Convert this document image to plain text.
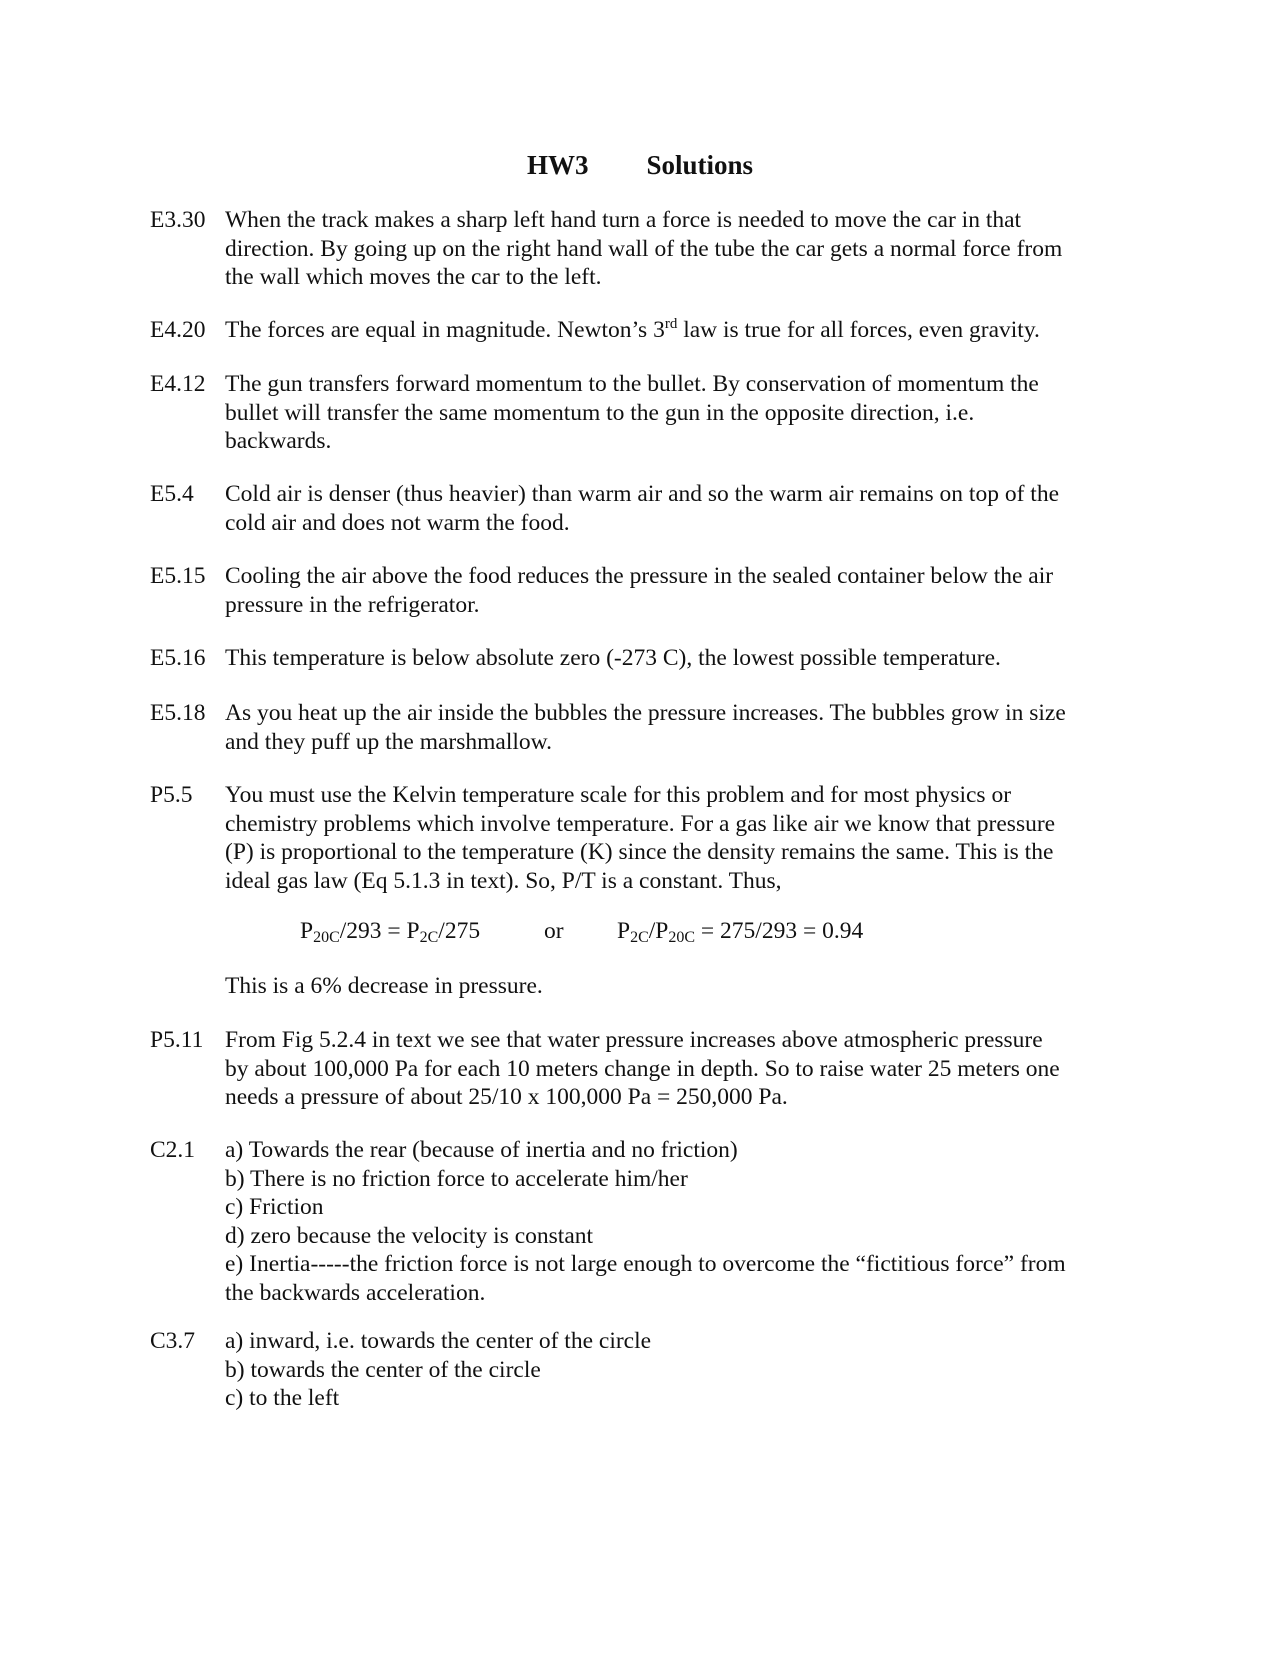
HW3 Solutions
E3.30 When the track makes a sharp left hand turn a force is needed to move the car in that
direction. By going up on the right hand wall of the tube the car gets a normal force from
the wall which moves the car to the left.
E4.20 The forces are equal in magnitude. Newton’s 3rd law is true for all forces, even gravity.
E4.12 The gun transfers forward momentum to the bullet. By conservation of momentum the
bullet will transfer the same momentum to the gun in the opposite direction, i.e.
backwards.
E5.4	Cold air is denser (thus heavier) than warm air and so the warm air remains on top of the
cold air and does not warm the food.
E5.15 Cooling the air above the food reduces the pressure in the sealed container below the air
pressure in the refrigerator.
E5.16 This temperature is below absolute zero (-273 C), the lowest possible temperature.
E5.18 As you heat up the air inside the bubbles the pressure increases. The bubbles grow in size
and they puff up the marshmallow.
P5.5	You must use the Kelvin temperature scale for this problem and for most physics or
chemistry problems which involve temperature. For a gas like air we know that pressure
(P) is proportional to the temperature (K) since the density remains the same. This is the
ideal gas law (Eq 5.1.3 in text). So, P/T is a constant. Thus,
$P_{20C}/293 = P_{2C}/275$	or $P_{2C}/P_{20C} = 275/293 = 0.94$
This is a 6% decrease in pressure.
P5.11 From Fig 5.2.4 in text we see that water pressure increases above atmospheric pressure
by about 100,000 Pa for each 10 meters change in depth. So to raise water 25 meters one
needs a pressure of about 25/10 x 100,000 Pa = 250,000 Pa.
C2.1	a) Towards the rear (because of inertia and no friction)
b) There is no friction force to accelerate him/her
c) Friction
d) zero because the velocity is constant
e) Inertia-----the friction force is not large enough to overcome the “fictitious force” from
the backwards acceleration.
C3.7	a) inward, i.e. towards the center of the circle
b) towards the center of the circle
c) to the left
